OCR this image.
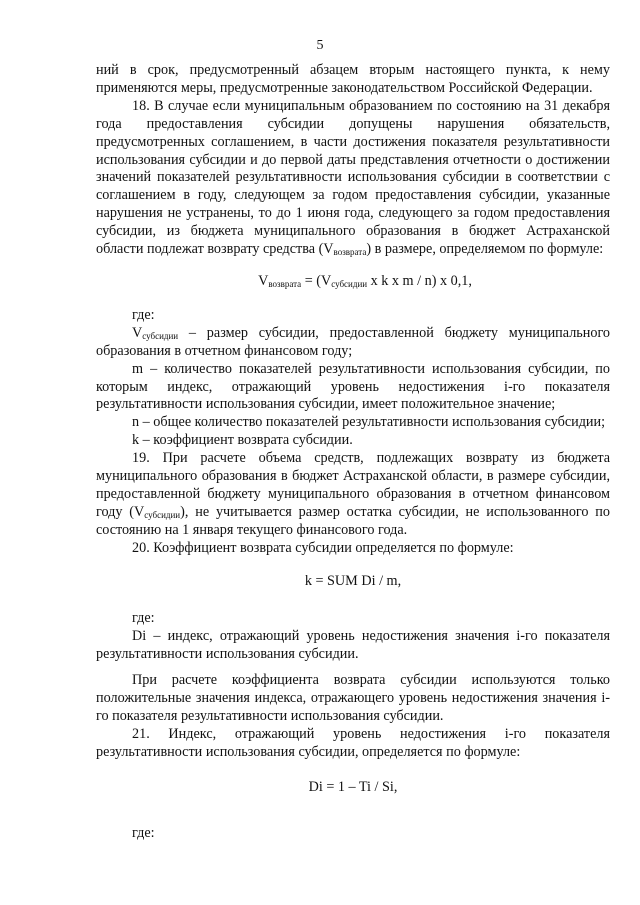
5

ний в срок, предусмотренный абзацем вторым настоящего пункта, к нему применяются меры, предусмотренные законодательством Российской Федерации.

18. В случае если муниципальным образованием по состоянию на 31 декабря года предоставления субсидии допущены нарушения обязательств, предусмотренных соглашением, в части достижения показателя результативности использования субсидии и до первой даты представления отчетности о достижении значений показателей результативности использования субсидии в соответствии с соглашением в году, следующем за годом предоставления субсидии, указанные нарушения не устранены, то до 1 июня года, следующего за годом предоставления субсидии, из бюджета муниципального образования в бюджет Астраханской области подлежат возврату средства $(V_{возврата})$ в размере, определяемом по формуле:

$V_{возврата} = (V_{субсидии}$ x k x m / n) x 0,1,

где:

$V_{субсидии}$ – размер субсидии, предоставленной бюджету муниципального образования в отчетном финансовом году;

m – количество показателей результативности использования субсидии, по которым индекс, отражающий уровень недостижения i-го показателя результативности использования субсидии, имеет положительное значение;

n – общее количество показателей результативности использования субсидии;

k – коэффициент возврата субсидии.

19. При расчете объема средств, подлежащих возврату из бюджета муниципального образования в бюджет Астраханской области, в размере субсидии, предоставленной бюджету муниципального образования в отчетном финансовом году $(V_{субсидии})$, не учитывается размер остатка субсидии, не использованного по состоянию на 1 января текущего финансового года.

20. Коэффициент возврата субсидии определяется по формуле:

k = SUM Di / m,

где:

Di – индекс, отражающий уровень недостижения значения i-го показателя результативности использования субсидии.

При расчете коэффициента возврата субсидии используются только положительные значения индекса, отражающего уровень недостижения значения i-го показателя результативности использования субсидии.

21. Индекс, отражающий уровень недостижения i-го показателя результативности использования субсидии, определяется по формуле:

Di = 1 – Ti / Si,

где:
